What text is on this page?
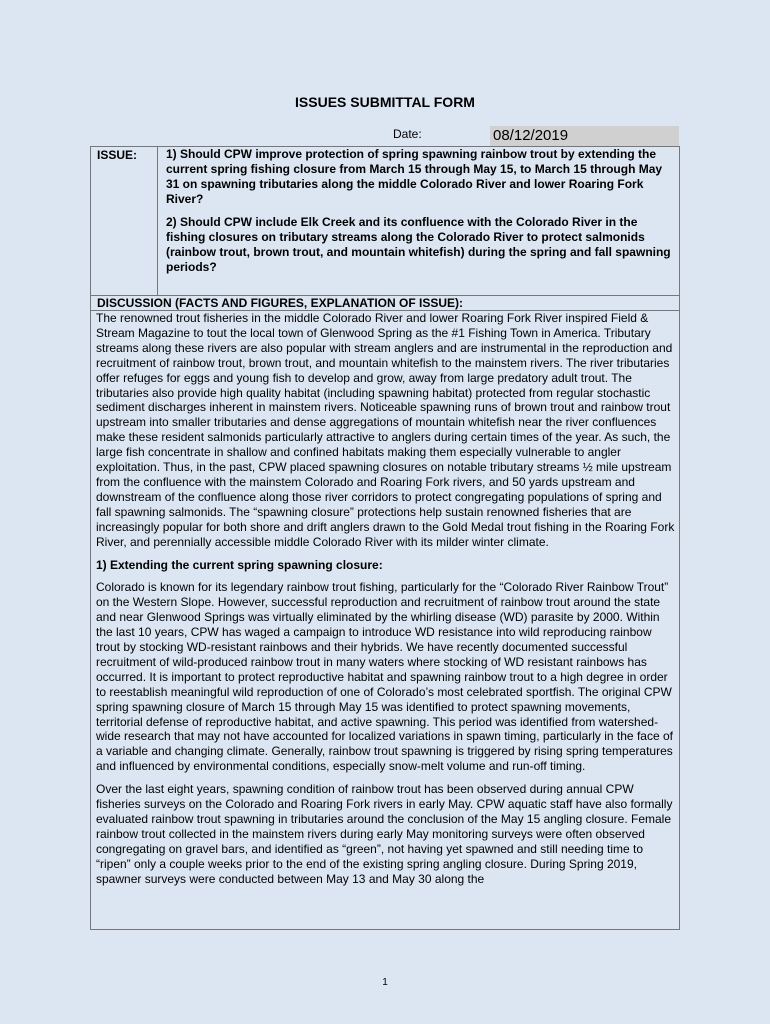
ISSUES SUBMITTAL FORM
Date:	08/12/2019
ISSUE: 1) Should CPW improve protection of spring spawning rainbow trout by extending the current spring fishing closure from March 15 through May 15, to March 15 through May 31 on spawning tributaries along the middle Colorado River and lower Roaring Fork River?

2) Should CPW include Elk Creek and its confluence with the Colorado River in the fishing closures on tributary streams along the Colorado River to protect salmonids (rainbow trout, brown trout, and mountain whitefish) during the spring and fall spawning periods?

DISCUSSION (FACTS AND FIGURES, EXPLANATION OF ISSUE):

The renowned trout fisheries in the middle Colorado River and lower Roaring Fork River inspired Field & Stream Magazine to tout the local town of Glenwood Spring as the #1 Fishing Town in America. Tributary streams along these rivers are also popular with stream anglers and are instrumental in the reproduction and recruitment of rainbow trout, brown trout, and mountain whitefish to the mainstem rivers. The river tributaries offer refuges for eggs and young fish to develop and grow, away from large predatory adult trout. The tributaries also provide high quality habitat (including spawning habitat) protected from regular stochastic sediment discharges inherent in mainstem rivers. Noticeable spawning runs of brown trout and rainbow trout upstream into smaller tributaries and dense aggregations of mountain whitefish near the river confluences make these resident salmonids particularly attractive to anglers during certain times of the year. As such, the large fish concentrate in shallow and confined habitats making them especially vulnerable to angler exploitation. Thus, in the past, CPW placed spawning closures on notable tributary streams ½ mile upstream from the confluence with the mainstem Colorado and Roaring Fork rivers, and 50 yards upstream and downstream of the confluence along those river corridors to protect congregating populations of spring and fall spawning salmonids. The “spawning closure” protections help sustain renowned fisheries that are increasingly popular for both shore and drift anglers drawn to the Gold Medal trout fishing in the Roaring Fork River, and perennially accessible middle Colorado River with its milder winter climate.

1) Extending the current spring spawning closure:

Colorado is known for its legendary rainbow trout fishing, particularly for the “Colorado River Rainbow Trout” on the Western Slope. However, successful reproduction and recruitment of rainbow trout around the state and near Glenwood Springs was virtually eliminated by the whirling disease (WD) parasite by 2000. Within the last 10 years, CPW has waged a campaign to introduce WD resistance into wild reproducing rainbow trout by stocking WD-resistant rainbows and their hybrids. We have recently documented successful recruitment of wild-produced rainbow trout in many waters where stocking of WD resistant rainbows has occurred. It is important to protect reproductive habitat and spawning rainbow trout to a high degree in order to reestablish meaningful wild reproduction of one of Colorado’s most celebrated sportfish. The original CPW spring spawning closure of March 15 through May 15 was identified to protect spawning movements, territorial defense of reproductive habitat, and active spawning. This period was identified from watershed-wide research that may not have accounted for localized variations in spawn timing, particularly in the face of a variable and changing climate. Generally, rainbow trout spawning is triggered by rising spring temperatures and influenced by environmental conditions, especially snow-melt volume and run-off timing.

Over the last eight years, spawning condition of rainbow trout has been observed during annual CPW fisheries surveys on the Colorado and Roaring Fork rivers in early May. CPW aquatic staff have also formally evaluated rainbow trout spawning in tributaries around the conclusion of the May 15 angling closure. Female rainbow trout collected in the mainstem rivers during early May monitoring surveys were often observed congregating on gravel bars, and identified as “green”, not having yet spawned and still needing time to “ripen” only a couple weeks prior to the end of the existing spring angling closure. During Spring 2019, spawner surveys were conducted between May 13 and May 30 along the

1
